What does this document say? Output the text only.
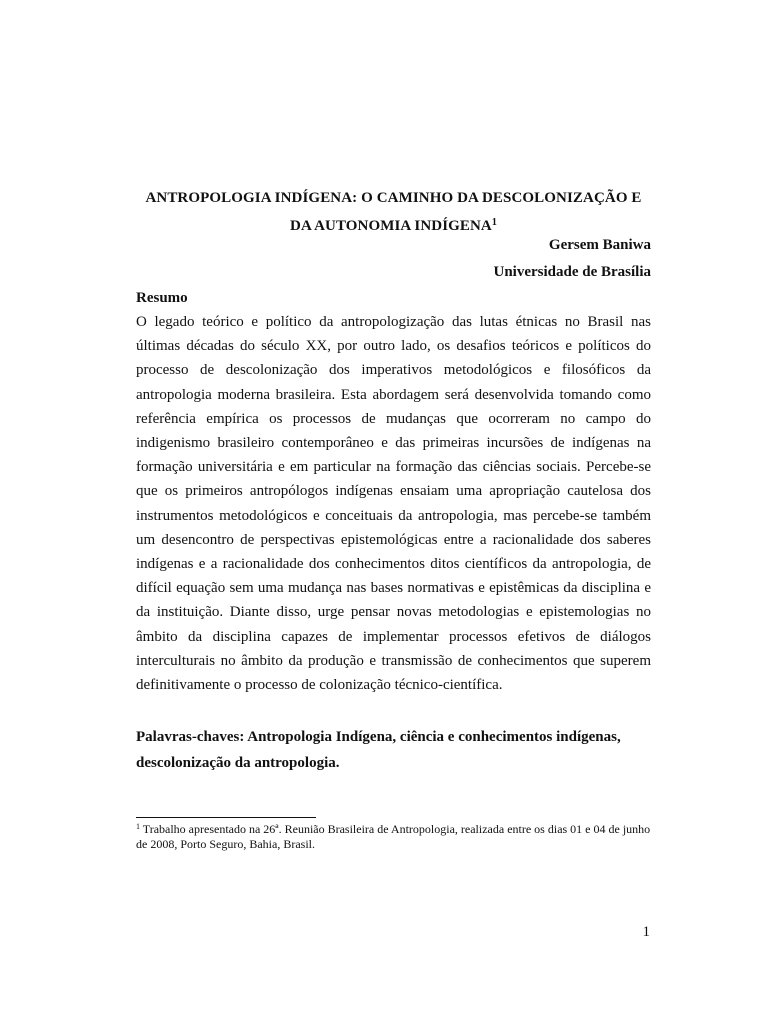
ANTROPOLOGIA INDÍGENA: O CAMINHO DA DESCOLONIZAÇÃO E DA AUTONOMIA INDÍGENA$^1$
Gersem Baniwa
Universidade de Brasília
Resumo

O legado teórico e político da antropologização das lutas étnicas no Brasil nas últimas décadas do século XX, por outro lado, os desafios teóricos e políticos do processo de descolonização dos imperativos metodológicos e filosóficos da antropologia moderna brasileira. Esta abordagem será desenvolvida tomando como referência empírica os processos de mudanças que ocorreram no campo do indigenismo brasileiro contemporâneo e das primeiras incursões de indígenas na formação universitária e em particular na formação das ciências sociais. Percebe-se que os primeiros antropólogos indígenas ensaiam uma apropriação cautelosa dos instrumentos metodológicos e conceituais da antropologia, mas percebe-se também um desencontro de perspectivas epistemológicas entre a racionalidade dos saberes indígenas e a racionalidade dos conhecimentos ditos científicos da antropologia, de difícil equação sem uma mudança nas bases normativas e epistêmicas da disciplina e da instituição. Diante disso, urge pensar novas metodologias e epistemologias no âmbito da disciplina capazes de implementar processos efetivos de diálogos interculturais no âmbito da produção e transmissão de conhecimentos que superem definitivamente o processo de colonização técnico-científica.

Palavras-chaves: Antropologia Indígena, ciência e conhecimentos indígenas, descolonização da antropologia.

$^1$ Trabalho apresentado na 26ª. Reunião Brasileira de Antropologia, realizada entre os dias 01 e 04 de junho de 2008, Porto Seguro, Bahia, Brasil.

1
